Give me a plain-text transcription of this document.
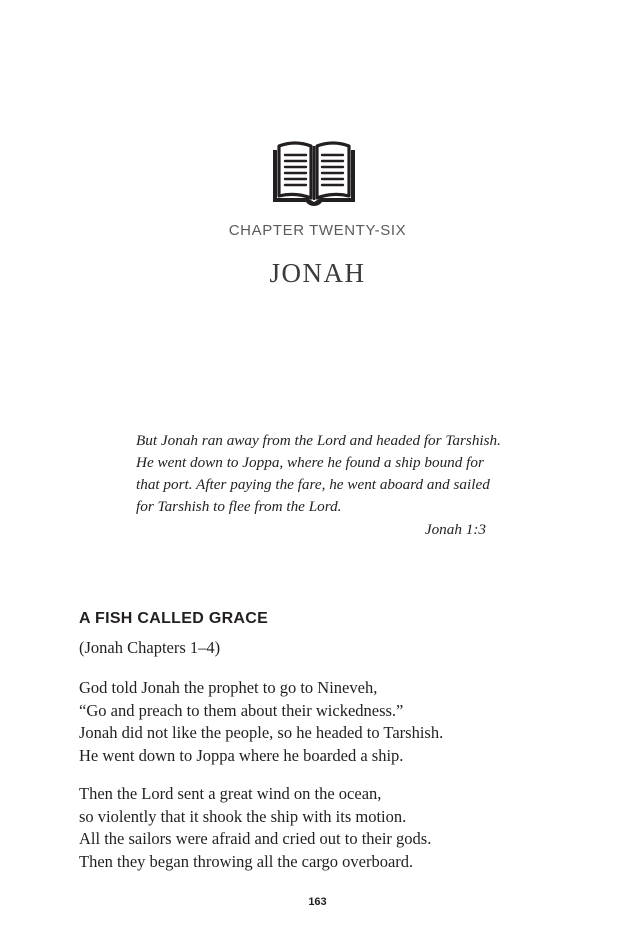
CHAPTER TWENTY-SIX
JONAH
But Jonah ran away from the Lord and headed for Tarshish.
He went down to Joppa, where he found a ship bound for
that port. After paying the fare, he went aboard and sailed
for Tarshish to flee from the Lord.
Jonah 1:3
A FISH CALLED GRACE
(Jonah Chapters 1–4)
God told Jonah the prophet to go to Nineveh,
“Go and preach to them about their wickedness.”
Jonah did not like the people, so he headed to Tarshish.
He went down to Joppa where he boarded a ship.
Then the Lord sent a great wind on the ocean,
so violently that it shook the ship with its motion.
All the sailors were afraid and cried out to their gods.
Then they began throwing all the cargo overboard.
163
